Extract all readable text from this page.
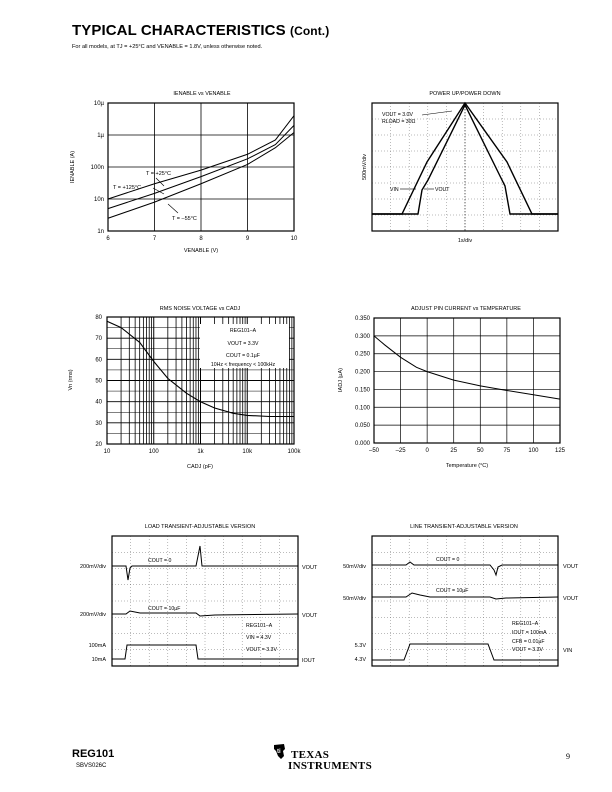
TYPICAL CHARACTERISTICS (Cont.)
For all models, at TJ = +25°C and VENABLE = 1.8V, unless otherwise noted.
IENABLE vs VENABLE
6	7	8	9	10
1n
10n
100n
1µ
10µ
T = +25°C
T = +125°C
T = –55°C
VENABLE (V)
IENABLE (A)
POWER UP/POWER DOWN
VOUT = 3.0V
RLOAD = 30Ω
VIN	VOUT
1s/div
500mV/div
RMS NOISE VOLTAGE vs CADJ
10	100	1k	10k	100k
20
30
40
50
60
70
80
REG101–A
VOUT = 3.3V
COUT = 0.1µF
10Hz < frequency < 100kHz
CADJ (pF)
Vn (rms)
ADJUST PIN CURRENT vs TEMPERATURE
–50	–25	0	25	50	75	100	125
0.000
0.050
0.100
0.150
0.200
0.250
0.300
0.350
Temperature (°C)
IADJ (µA)
LOAD TRANSIENT-ADJUSTABLE VERSION
COUT = 0
COUT = 10µF
REG101–A
VIN = 4.3V
VOUT = 3.3V
200mV/div
200mV/div
100mA
10mA
VOUT
VOUT
IOUT
LINE TRANSIENT-ADJUSTABLE VERSION
COUT = 0
COUT = 10µF
REG101–A
IOUT = 100mA
CFB = 0.01µF
VOUT = 3.3V
50mV/div
50mV/div
5.3V
4.3V
VOUT
VOUT
VIN
REG101
SBVS026C
ti TEXAS
INSTRUMENTS
9
